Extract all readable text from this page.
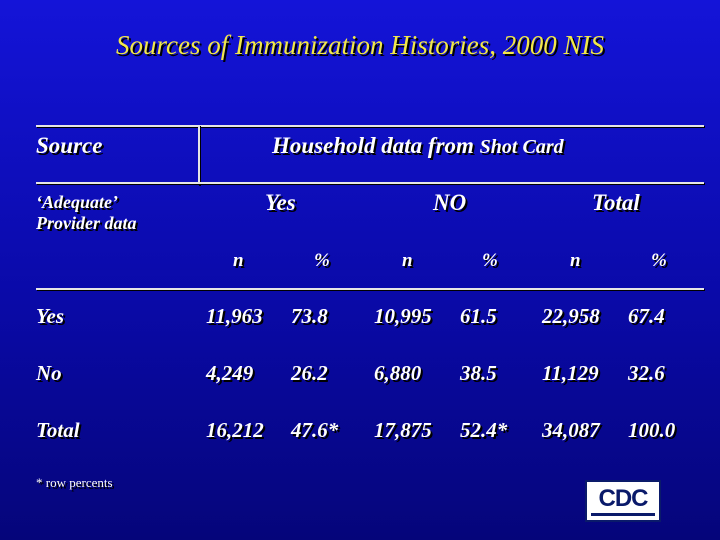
Sources of Immunization Histories, 2000 NIS
Source	Household data from Shot Card
‘Adequate’
Provider data
Yes	NO	Total
n	%	n	%	n	%
Yes	11,963 73.8 10,995 61.5 22,958 67.4
No	4,249 26.2 6,880 38.5 11,129 32.6
Total	16,212 47.6* 17,875 52.4* 34,087 100.0
* row percents
CDC
